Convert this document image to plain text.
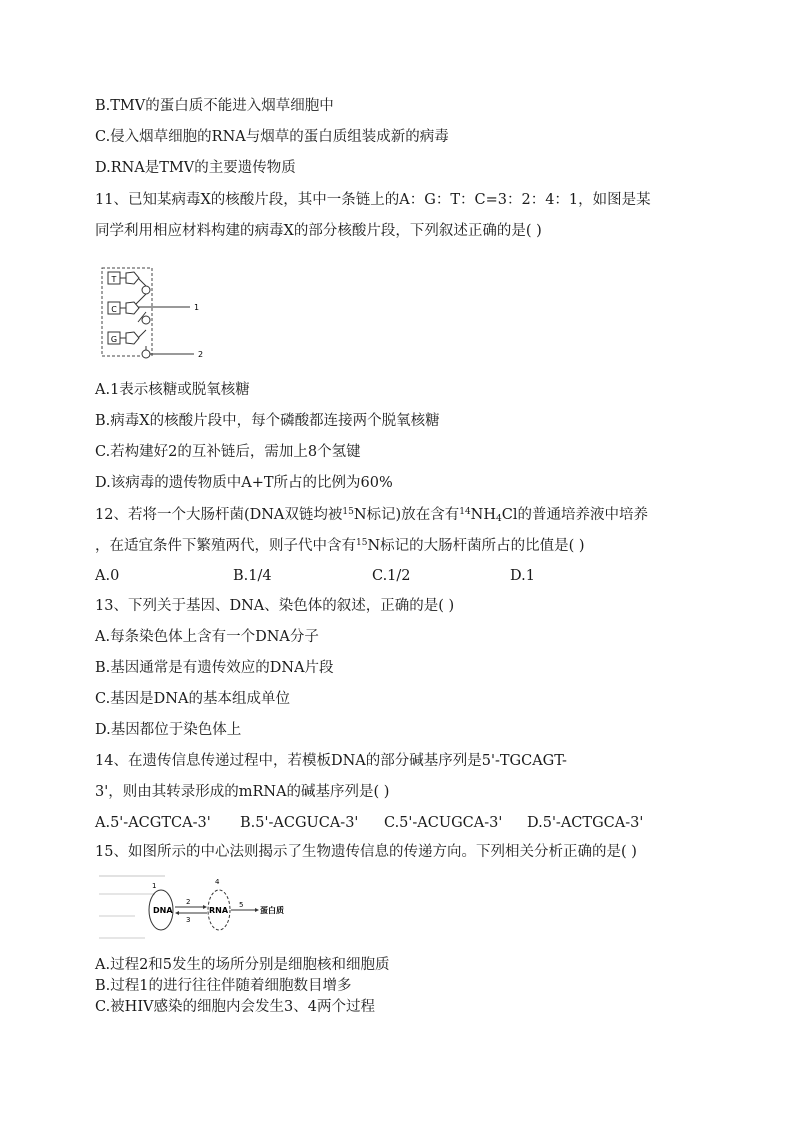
B.TMV的蛋白质不能进入烟草细胞中
C.侵入烟草细胞的RNA与烟草的蛋白质组装成新的病毒
D.RNA是TMV的主要遗传物质
11、已知某病毒X的核酸片段，其中一条链上的A：G：T：C=3：2：4：1，如图是某
同学利用相应材料构建的病毒X的部分核酸片段，下列叙述正确的是( )
T
C
G
1
2
A.1表示核糖或脱氧核糖
B.病毒X的核酸片段中，每个磷酸都连接两个脱氧核糖
C.若构建好2的互补链后，需加上8个氢键
D.该病毒的遗传物质中A+T所占的比例为60%
12、若将一个大肠杆菌(DNA双链均被$^{15}$N标记)放在含有$^{14}NH_4Cl$的普通培养液中培养
，在适宜条件下繁殖两代，则子代中含有$^{15}$N标记的大肠杆菌所占的比值是( )
A.0	B.1/4	C.1/2	D.1
13、下列关于基因、DNA、染色体的叙述，正确的是( )
A.每条染色体上含有一个DNA分子
B.基因通常是有遗传效应的DNA片段
C.基因是DNA的基本组成单位
D.基因都位于染色体上
14、在遗传信息传递过程中，若模板DNA的部分碱基序列是5'-TGCAGT-
3'，则由其转录形成的mRNA的碱基序列是( )
A.5'-ACGTCA-3' B.5'-ACGUCA-3' C.5'-ACUGCA-3' D.5'-ACTGCA-3'
15、如图所示的中心法则揭示了生物遗传信息的传递方向。下列相关分析正确的是( )
1
DNA
2
3
4
RNA
5
蛋白质
A.过程2和5发生的场所分别是细胞核和细胞质
B.过程1的进行往往伴随着细胞数目增多
C.被HIV感染的细胞内会发生3、4两个过程
